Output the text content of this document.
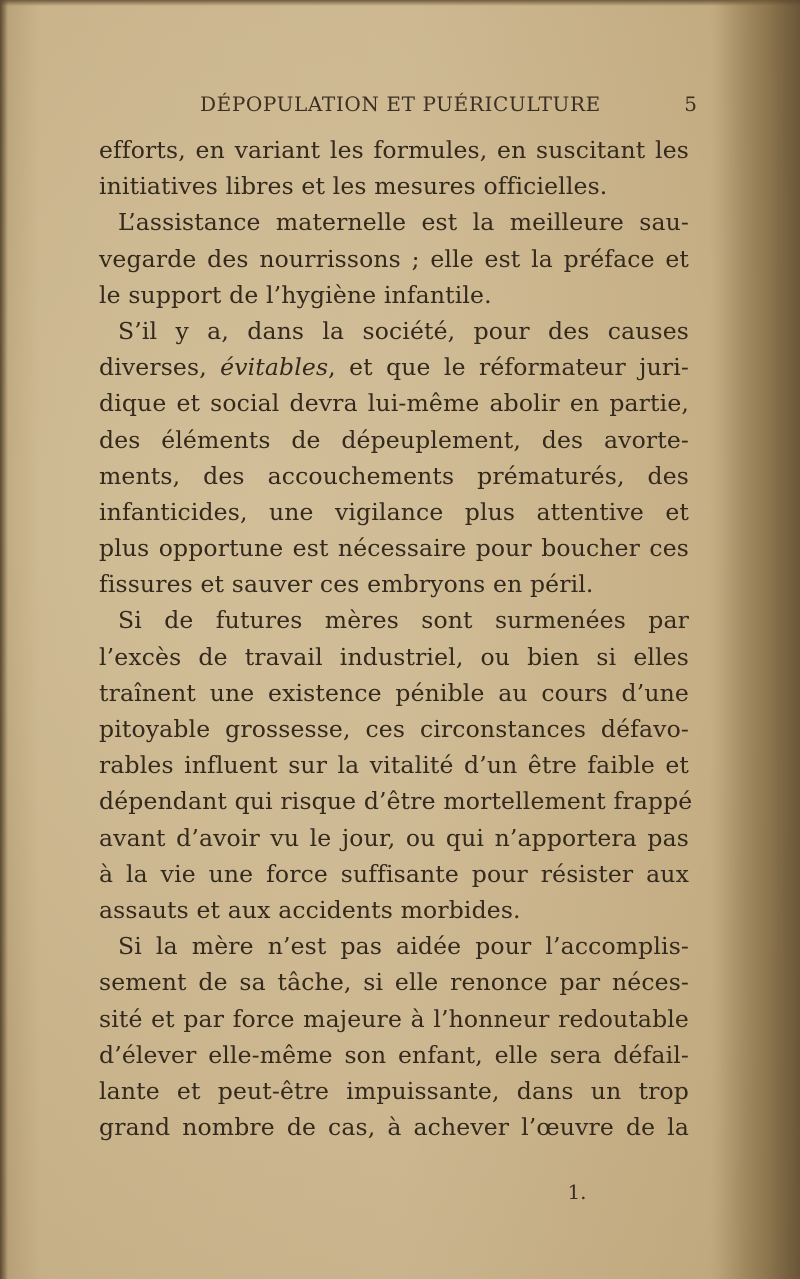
DÉPOPULATION ET PUÉRICULTURE	5
efforts, en variant les formules, en suscitant les
initiatives libres et les mesures officielles.
L’assistance maternelle est la meilleure sau-
vegarde des nourrissons ; elle est la préface et
le support de l’hygiène infantile.
S’il y a, dans la société, pour des causes
diverses, évitables, et que le réformateur juri-
dique et social devra lui-même abolir en partie,
des éléments de dépeuplement, des avorte-
ments, des accouchements prématurés, des
infanticides, une vigilance plus attentive et
plus opportune est nécessaire pour boucher ces
fissures et sauver ces embryons en péril.
Si de futures mères sont surmenées par
l’excès de travail industriel, ou bien si elles
traînent une existence pénible au cours d’une
pitoyable grossesse, ces circonstances défavo-
rables influent sur la vitalité d’un être faible et
dépendant qui risque d’être mortellement frappé
avant d’avoir vu le jour, ou qui n’apportera pas
à la vie une force suffisante pour résister aux
assauts et aux accidents morbides.
Si la mère n’est pas aidée pour l’accomplis-
sement de sa tâche, si elle renonce par néces-
sité et par force majeure à l’honneur redoutable
d’élever elle-même son enfant, elle sera défail-
lante et peut-être impuissante, dans un trop
grand nombre de cas, à achever l’œuvre de la
1.
